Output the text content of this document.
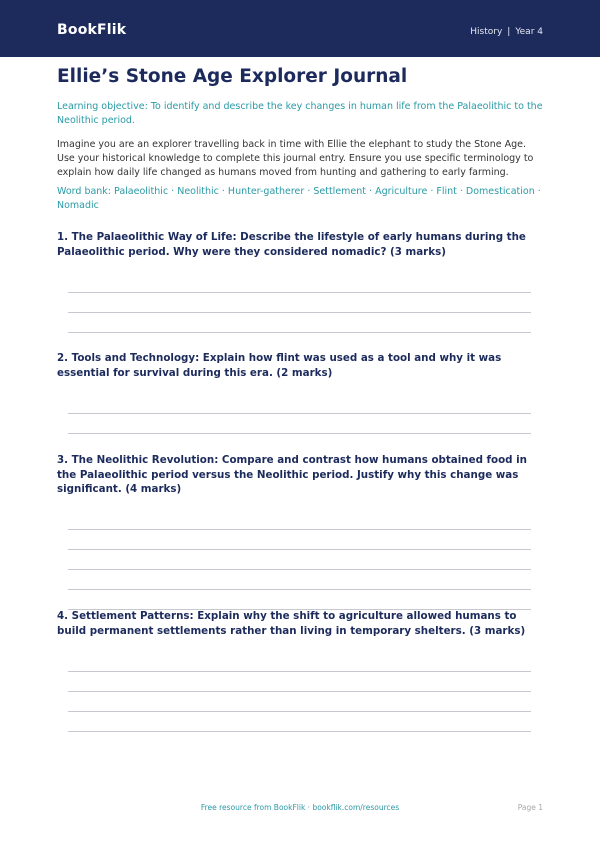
BookFlik	History | Year 4
Ellie’s Stone Age Explorer Journal
Learning objective: To identify and describe the key changes in human life from the Palaeolithic to the Neolithic period.
Imagine you are an explorer travelling back in time with Ellie the elephant to study the Stone Age. Use your historical knowledge to complete this journal entry. Ensure you use specific terminology to explain how daily life changed as humans moved from hunting and gathering to early farming.
Word bank: Palaeolithic · Neolithic · Hunter-gatherer · Settlement · Agriculture · Flint · Domestication · Nomadic
1. The Palaeolithic Way of Life: Describe the lifestyle of early humans during the Palaeolithic period. Why were they considered nomadic? (3 marks)
2. Tools and Technology: Explain how flint was used as a tool and why it was essential for survival during this era. (2 marks)
3. The Neolithic Revolution: Compare and contrast how humans obtained food in the Palaeolithic period versus the Neolithic period. Justify why this change was significant. (4 marks)
4. Settlement Patterns: Explain why the shift to agriculture allowed humans to build permanent settlements rather than living in temporary shelters. (3 marks)
Free resource from BookFlik · bookflik.com/resources	Page 1
